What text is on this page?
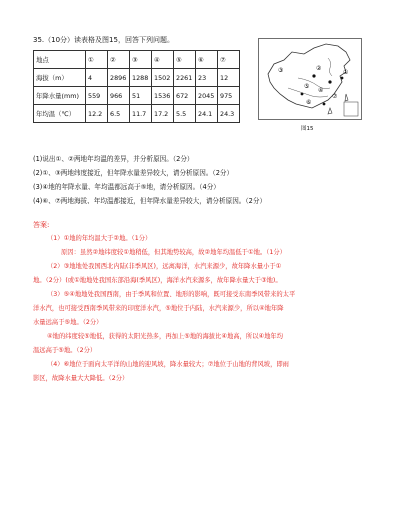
35.（10分）读表格及图15，回答下列问题。
地点	①	②	③	④	⑤	⑥	⑦
海拔（m）	4	2896	1288	1502	2261	23	12
年降水量(mm)	559	966	51	1536	672	2045	975
年均温（℃）	12.2	6.5	11.7	17.2	5.5	24.1	24.3
③	②
①
⑤
④
⑥
⑦
图15
(1)说出①、②两地年均温的差异，并分析原因。（2分）
(2)①、③两地纬度接近，但年降水量差异较大，请分析原因。（2分）
(3)④地的年降水量、年均温都远高于⑤地，请分析原因。（4分）
(4)⑥、⑦两地海拔、年均温都接近，但年降水量差异较大，请分析原因。（2分）
答案:
（1）①地的年均温大于②地。（1分）
原因：虽然②地纬度较①地稍低，但其地势较高，故②地年均温低于①地。（1分）
（2）③地地处我国西北内陆(非季风区)，远离海洋，水汽来源少，故年降水量小于①
地。（2分）(或①地地处我国东部沿海(季风区)，海洋水汽来源多，故年降水量大于③地)。
（3）⑤④地地处我国西南，由于季风和位置、地形的影响，既可接受东南季风带来的太平
洋水汽，也可接受西南季风带来的印度洋水汽，⑤地位于内陆，水汽来源少，所以④地年降
水量远高于⑤地。（2分）
④地的纬度较⑤地低，获得的太阳光热多，再加上⑤地的海拔比④地高，所以④地年均
温远高于⑤地。（2分）
（4）⑥地位于面向太平洋的山地的迎风坡，降水量较大；⑦地位于山地的背风坡，即雨
影区，故降水量大大降低。（2分）
